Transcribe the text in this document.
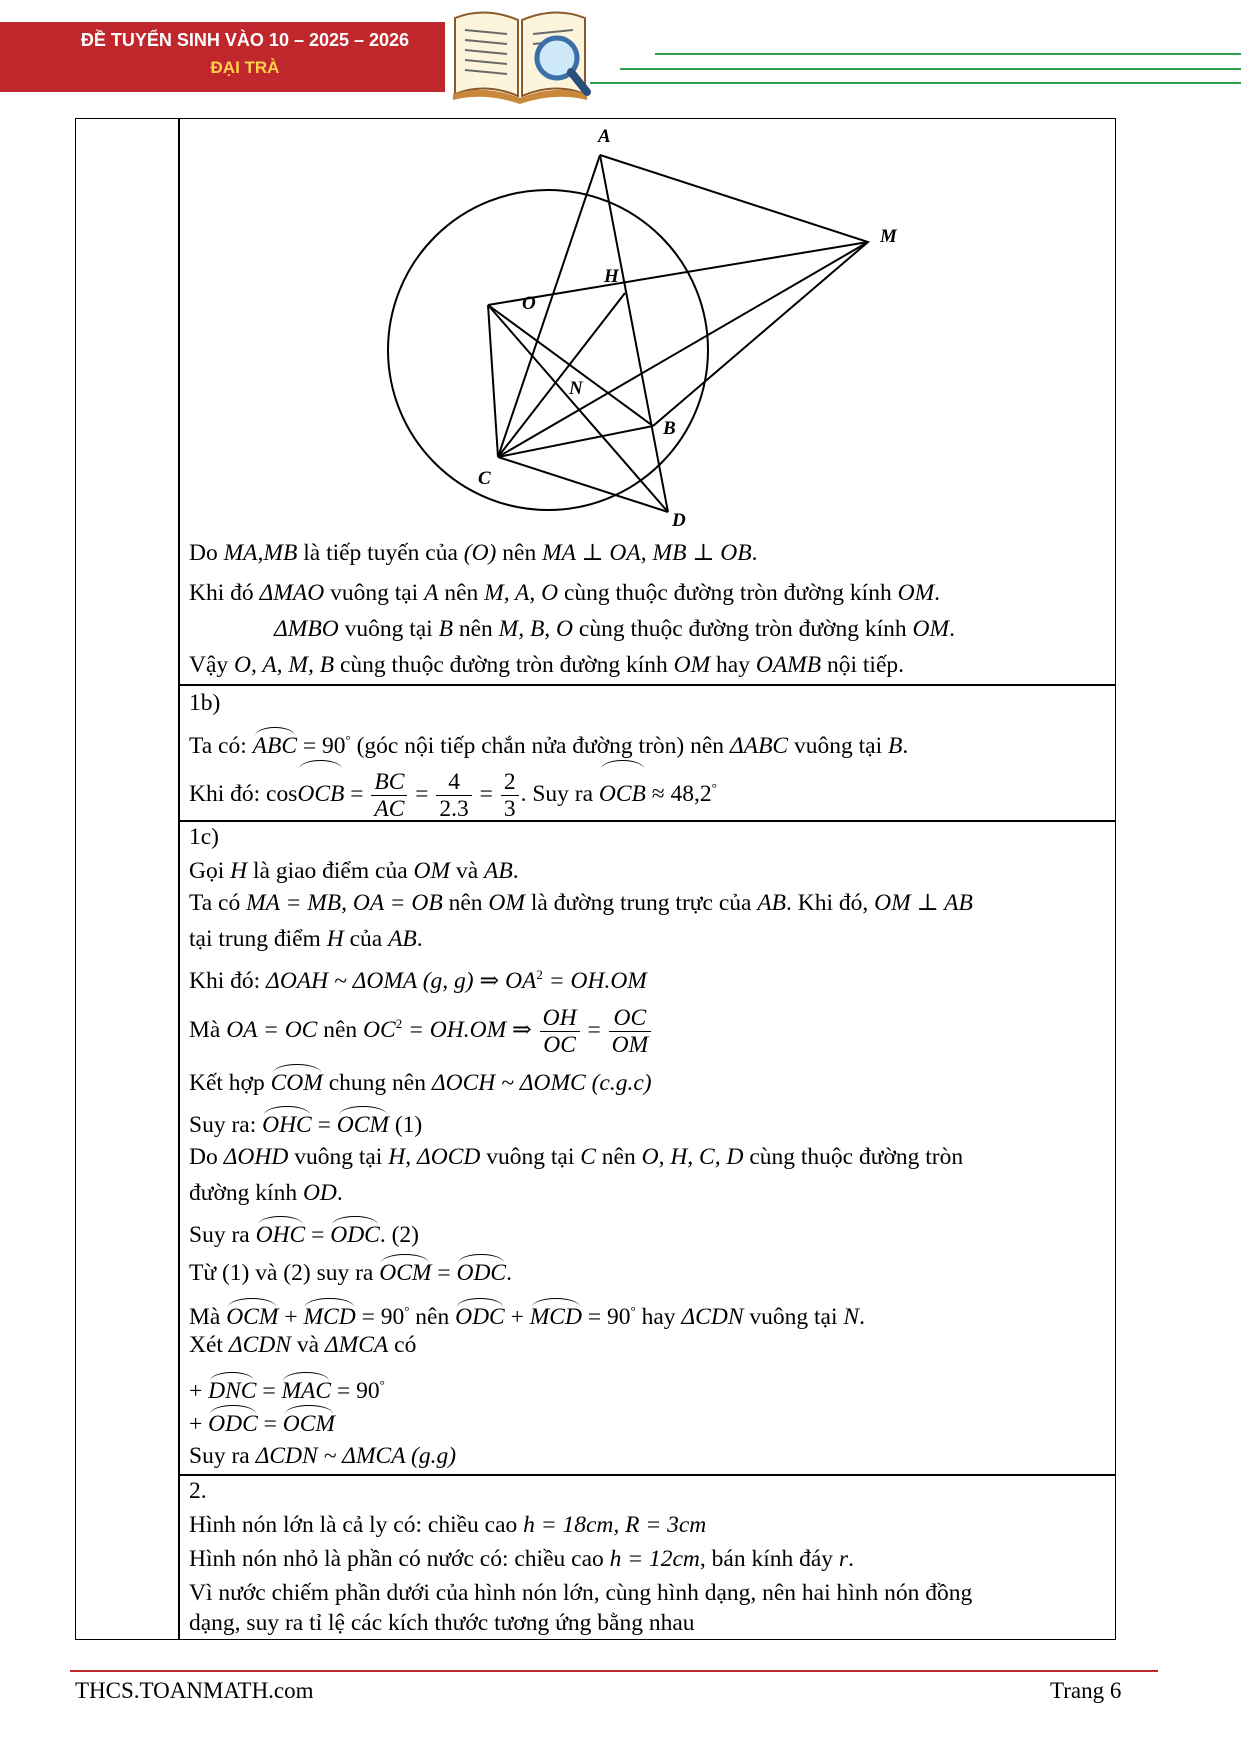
ĐỀ TUYỂN SINH VÀO 10 – 2025 – 2026
ĐẠI TRÀ
A
M
H
O
N
B
C
D
Do MA,MB là tiếp tuyến của (O) nên MA ⊥ OA, MB ⊥ OB.
Khi đó ΔMAO vuông tại A nên M, A, O cùng thuộc đường tròn đường kính OM.
ΔMBO vuông tại B nên M, B, O cùng thuộc đường tròn đường kính OM.
Vậy O, A, M, B cùng thuộc đường tròn đường kính OM hay OAMB nội tiếp.
1b)
Ta có: ABC = 90° (góc nội tiếp chắn nửa đường tròn) nên ΔABC vuông tại B.
Khi đó: cosOCB = $\frac{BC}{AC} = \frac{4}{2.3} = \frac{2}{3}$ . Suy ra OCB ≈ 48,2°
1c)
Gọi H là giao điểm của OM và AB.
Ta có MA = MB, OA = OB nên OM là đường trung trực của AB. Khi đó, OM ⊥ AB
tại trung điểm H của AB.
Khi đó: ΔOAH ~ ΔOMA (g, g) ⇒ $OA^2 = OH.OM$
Mà OA = OC nên $OC^2 = OH.OM$ ⇒ $\frac{OH}{OC} = \frac{OC}{OM}$
Kết hợp COM chung nên ΔOCH ~ ΔOMC (c.g.c)
Suy ra: OHC = OCM (1)
Do ΔOHD vuông tại H, ΔOCD vuông tại C nên O, H, C, D cùng thuộc đường tròn
đường kính OD.
Suy ra OHC = ODC. (2)
Từ (1) và (2) suy ra OCM = ODC.
Mà OCM + MCD = 90° nên ODC + MCD = 90° hay ΔCDN vuông tại N.
Xét ΔCDN và ΔMCA có
+ DNC = MAC = 90°
+ ODC = OCM
Suy ra ΔCDN ~ ΔMCA (g.g)
2.
Hình nón lớn là cả ly có: chiều cao h = 18cm, R = 3cm
Hình nón nhỏ là phần có nước có: chiều cao h = 12cm, bán kính đáy r.
Vì nước chiếm phần dưới của hình nón lớn, cùng hình dạng, nên hai hình nón đồng
dạng, suy ra tỉ lệ các kích thước tương ứng bằng nhau
THCS.TOANMATH.com	Trang 6
